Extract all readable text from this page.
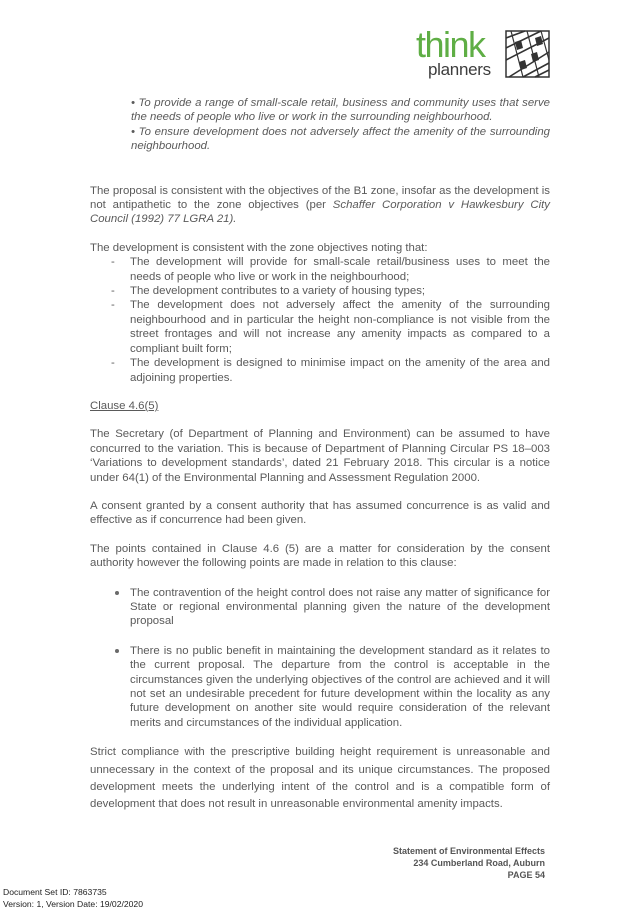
think
planners

• To provide a range of small-scale retail, business and community uses that serve the needs of people who live or work in the surrounding neighbourhood.

• To ensure development does not adversely affect the amenity of the surrounding neighbourhood.

The proposal is consistent with the objectives of the B1 zone, insofar as the development is not antipathetic to the zone objectives (per Schaffer Corporation v Hawkesbury City Council (1992) 77 LGRA 21).

The development is consistent with the zone objectives noting that:

- The development will provide for small-scale retail/business uses to meet the needs of people who live or work in the neighbourhood;
- The development contributes to a variety of housing types;
- The development does not adversely affect the amenity of the surrounding neighbourhood and in particular the height non-compliance is not visible from the street frontages and will not increase any amenity impacts as compared to a compliant built form;
- The development is designed to minimise impact on the amenity of the area and adjoining properties.

Clause 4.6(5)

The Secretary (of Department of Planning and Environment) can be assumed to have concurred to the variation. This is because of Department of Planning Circular PS 18–003 ‘Variations to development standards’, dated 21 February 2018. This circular is a notice under 64(1) of the Environmental Planning and Assessment Regulation 2000.

A consent granted by a consent authority that has assumed concurrence is as valid and effective as if concurrence had been given.

The points contained in Clause 4.6 (5) are a matter for consideration by the consent authority however the following points are made in relation to this clause:

The contravention of the height control does not raise any matter of significance for State or regional environmental planning given the nature of the development proposal
There is no public benefit in maintaining the development standard as it relates to the current proposal. The departure from the control is acceptable in the circumstances given the underlying objectives of the control are achieved and it will not set an undesirable precedent for future development within the locality as any future development on another site would require consideration of the relevant merits and circumstances of the individual application.

Strict compliance with the prescriptive building height requirement is unreasonable and unnecessary in the context of the proposal and its unique circumstances. The proposed development meets the underlying intent of the control and is a compatible form of development that does not result in unreasonable environmental amenity impacts.

Statement of Environmental Effects
234 Cumberland Road, Auburn
PAGE 54
Document Set ID: 7863735
Version: 1, Version Date: 19/02/2020
